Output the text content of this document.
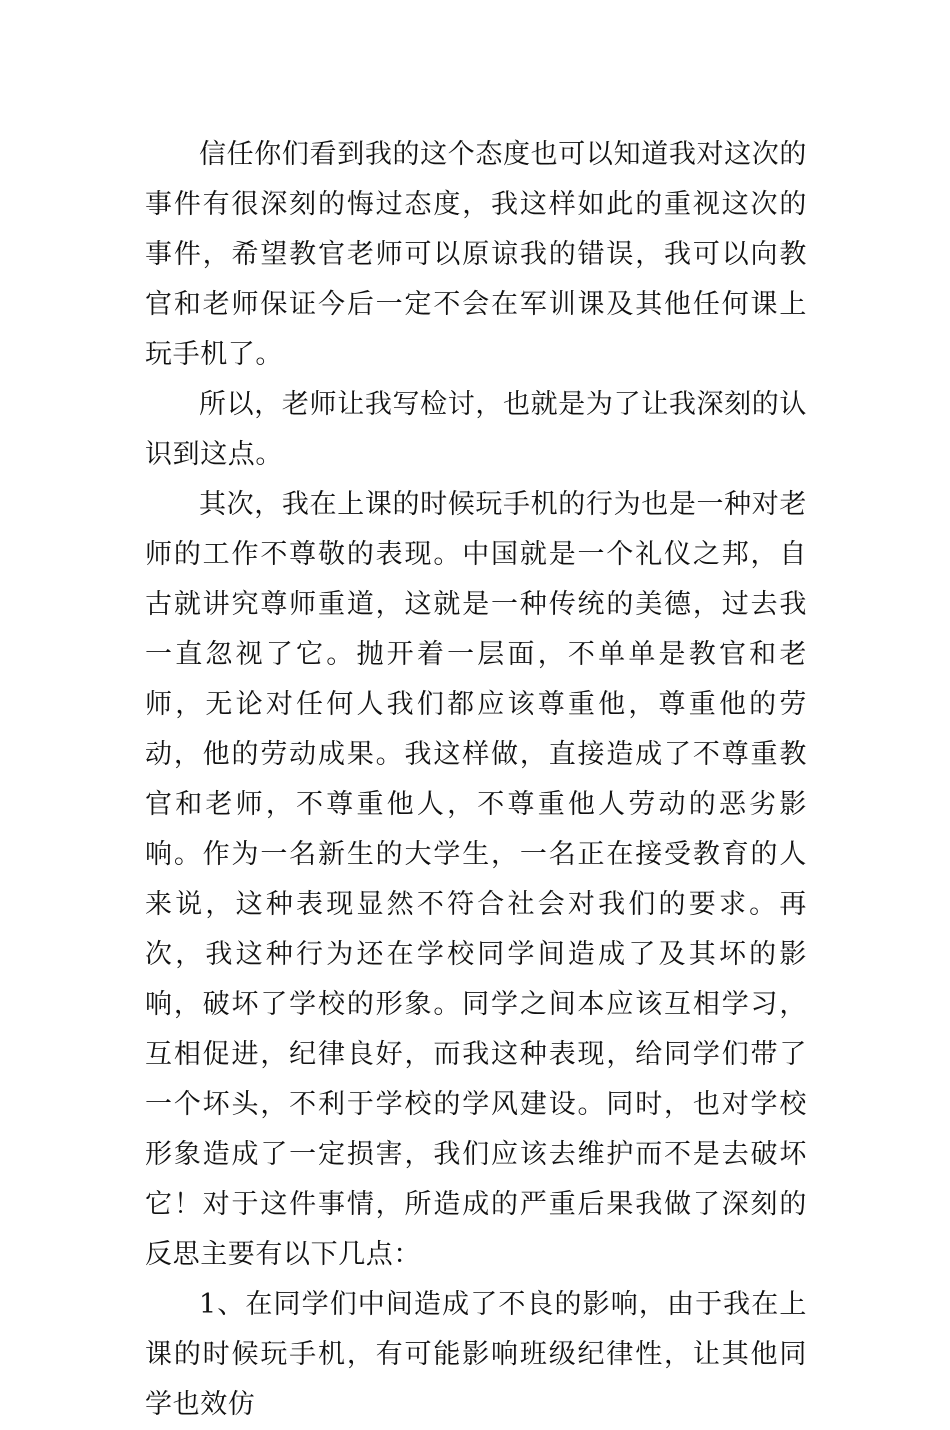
信任你们看到我的这个态度也可以知道我对这次的事件有很深刻的悔过态度，我这样如此的重视这次的事件，希望教官老师可以原谅我的错误，我可以向教官和老师保证今后一定不会在军训课及其他任何课上玩手机了。

所以，老师让我写检讨，也就是为了让我深刻的认识到这点。

其次，我在上课的时候玩手机的行为也是一种对老师的工作不尊敬的表现。中国就是一个礼仪之邦，自古就讲究尊师重道，这就是一种传统的美德，过去我一直忽视了它。抛开着一层面，不单单是教官和老师，无论对任何人我们都应该尊重他，尊重他的劳动，他的劳动成果。我这样做，直接造成了不尊重教官和老师，不尊重他人，不尊重他人劳动的恶劣影响。作为一名新生的大学生，一名正在接受教育的人来说，这种表现显然不符合社会对我们的要求。再次，我这种行为还在学校同学间造成了及其坏的影响，破坏了学校的形象。同学之间本应该互相学习，互相促进，纪律良好，而我这种表现，给同学们带了一个坏头，不利于学校的学风建设。同时，也对学校形象造成了一定损害，我们应该去维护而不是去破坏它！对于这件事情，所造成的严重后果我做了深刻的反思主要有以下几点：

1、在同学们中间造成了不良的影响，由于我在上课的时候玩手机，有可能影响班级纪律性，让其他同学也效仿
